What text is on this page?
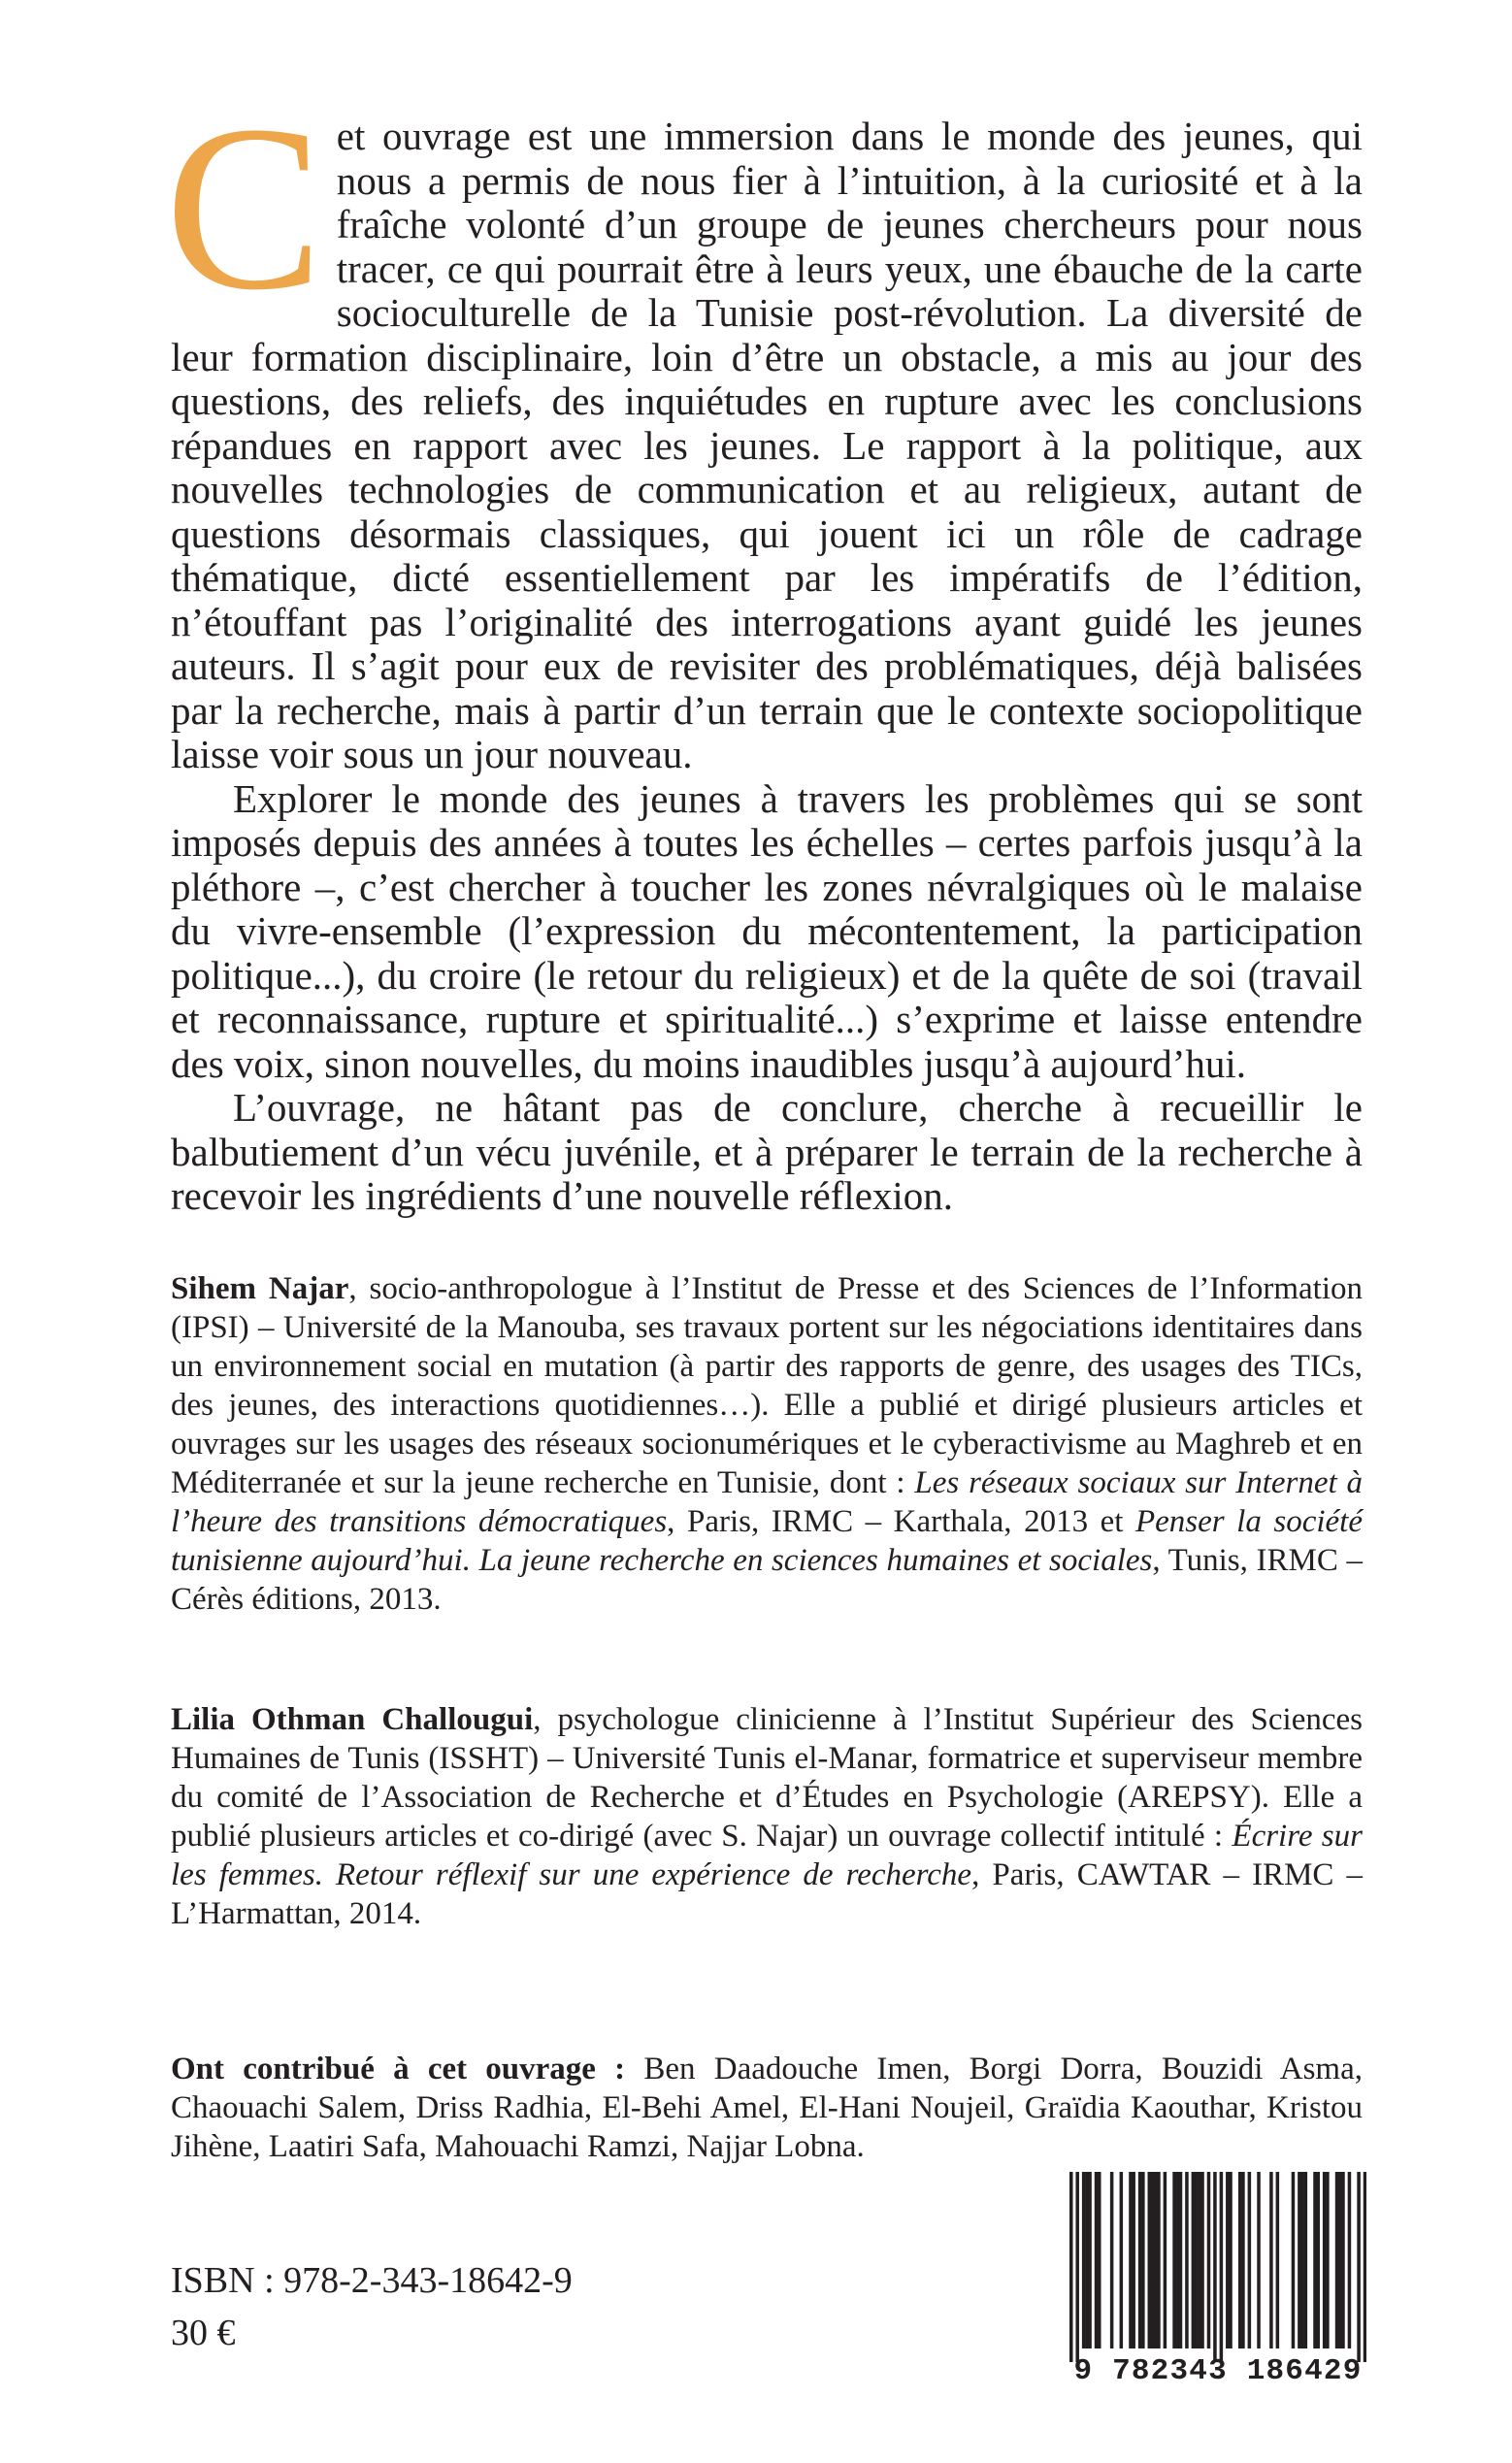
Cet ouvrage est une immersion dans le monde des jeunes, qui nous a permis de nous fier à l’intuition, à la curiosité et à la fraîche volonté d’un groupe de jeunes chercheurs pour nous tracer, ce qui pourrait être à leurs yeux, une ébauche de la carte socioculturelle de la Tunisie post-révolution. La diversité de leur formation disciplinaire, loin d’être un obstacle, a mis au jour des questions, des reliefs, des inquiétudes en rupture avec les conclusions répandues en rapport avec les jeunes. Le rapport à la politique, aux nouvelles technologies de communication et au religieux, autant de questions désormais classiques, qui jouent ici un rôle de cadrage thématique, dicté essentiellement par les impératifs de l’édition, n’étouffant pas l’originalité des interrogations ayant guidé les jeunes auteurs. Il s’agit pour eux de revisiter des problématiques, déjà balisées par la recherche, mais à partir d’un terrain que le contexte sociopolitique laisse voir sous un jour nouveau.

Explorer le monde des jeunes à travers les problèmes qui se sont imposés depuis des années à toutes les échelles – certes parfois jusqu’à la pléthore –, c’est chercher à toucher les zones névralgiques où le malaise du vivre-ensemble (l’expression du mécontentement, la participation politique...), du croire (le retour du religieux) et de la quête de soi (travail et reconnaissance, rupture et spiritualité...) s’exprime et laisse entendre des voix, sinon nouvelles, du moins inaudibles jusqu’à aujourd’hui.

L’ouvrage, ne hâtant pas de conclure, cherche à recueillir le balbutiement d’un vécu juvénile, et à préparer le terrain de la recherche à recevoir les ingrédients d’une nouvelle réflexion.

Sihem Najar, socio-anthropologue à l’Institut de Presse et des Sciences de l’Information (IPSI) – Université de la Manouba, ses travaux portent sur les négociations identitaires dans un environnement social en mutation (à partir des rapports de genre, des usages des TICs, des jeunes, des interactions quotidiennes…). Elle a publié et dirigé plusieurs articles et ouvrages sur les usages des réseaux socionumériques et le cyberactivisme au Maghreb et en Méditerranée et sur la jeune recherche en Tunisie, dont : Les réseaux sociaux sur Internet à l’heure des transitions démocratiques, Paris, IRMC – Karthala, 2013 et Penser la société tunisienne aujourd’hui. La jeune recherche en sciences humaines et sociales, Tunis, IRMC – Cérès éditions, 2013.

Lilia Othman Challougui, psychologue clinicienne à l’Institut Supérieur des Sciences Humaines de Tunis (ISSHT) – Université Tunis el-Manar, formatrice et superviseur membre du comité de l’Association de Recherche et d’Études en Psychologie (AREPSY). Elle a publié plusieurs articles et co-dirigé (avec S. Najar) un ouvrage collectif intitulé : Écrire sur les femmes. Retour réflexif sur une expérience de recherche, Paris, CAWTAR – IRMC – L’Harmattan, 2014.

Ont contribué à cet ouvrage : Ben Daadouche Imen, Borgi Dorra, Bouzidi Asma, Chaouachi Salem, Driss Radhia, El-Behi Amel, El-Hani Noujeil, Graïdia Kaouthar, Kristou Jihène, Laatiri Safa, Mahouachi Ramzi, Najjar Lobna.

9 782343 186429

ISBN : 978-2-343-18642-9

30 €
